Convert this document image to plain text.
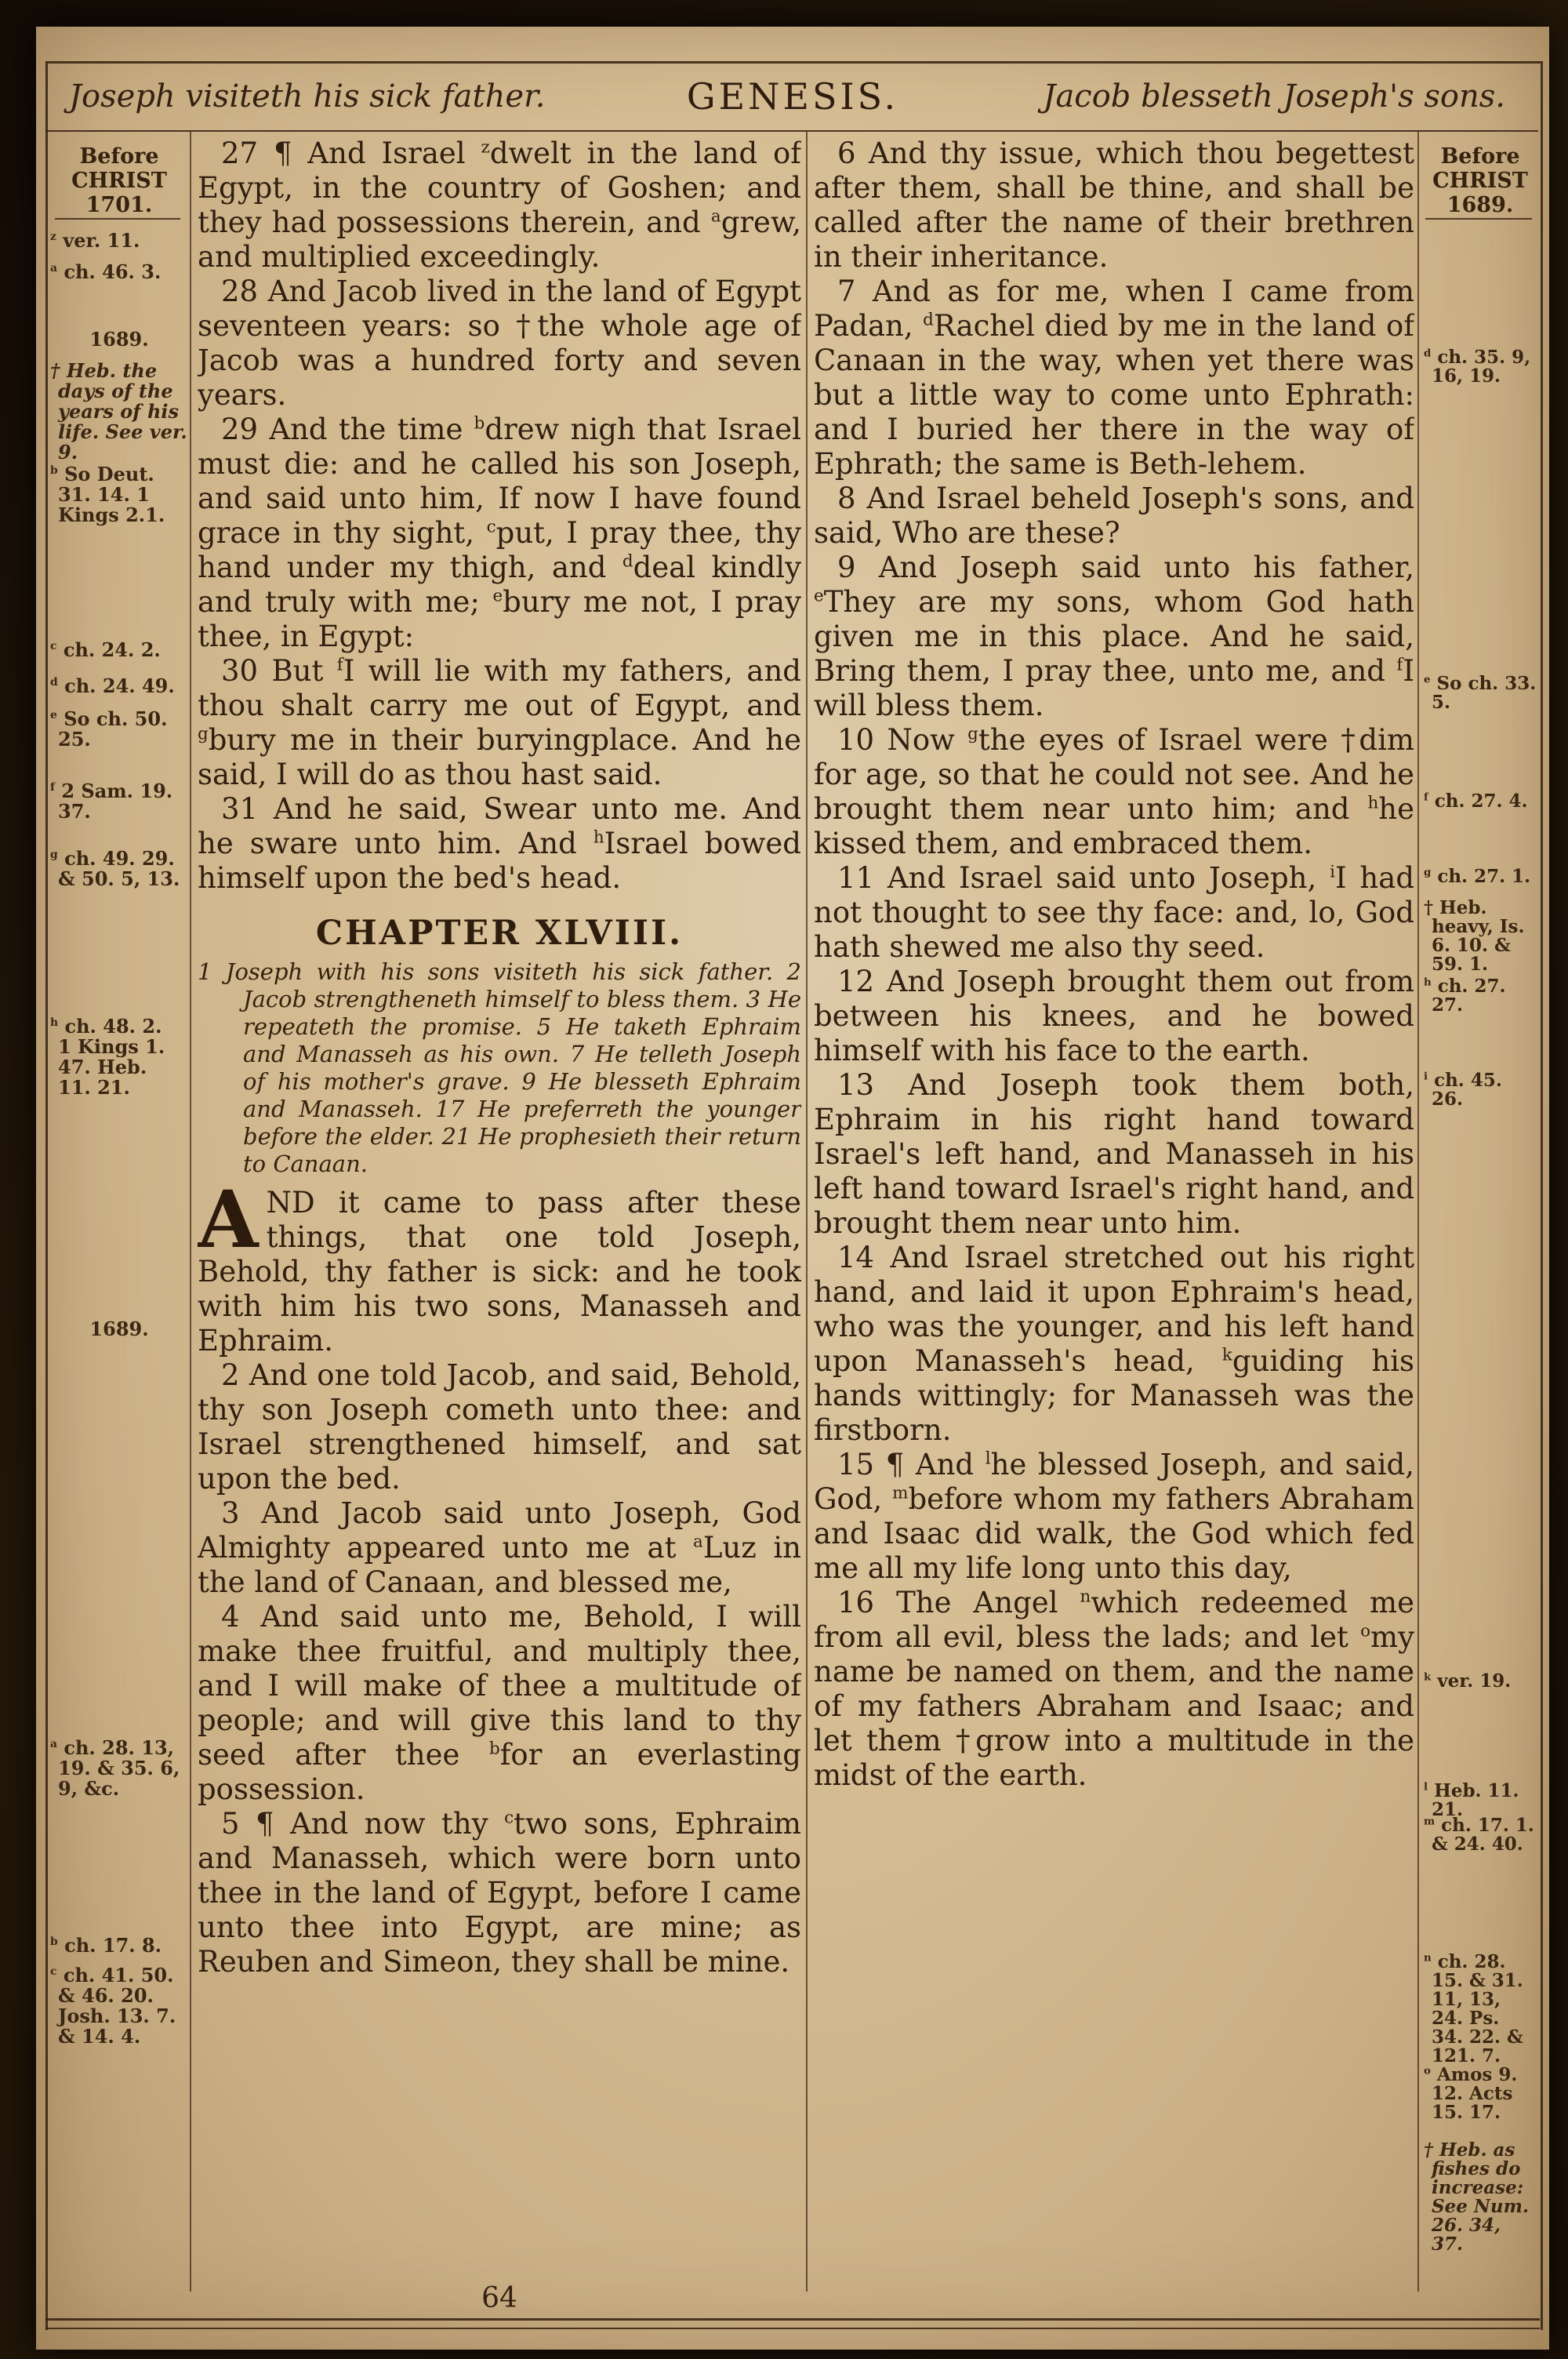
Joseph visiteth his sick father.	GENESIS.	Jacob blesseth Joseph's sons.
Before
CHRIST
1701.
$^z$ ver. 11.
$^a$ ch. 46. 3.
1689.
† Heb. the days of the years of his life. See ver. 9.
$^b$ So Deut. 31. 14. 1 Kings 2.1.
$^c$ ch. 24. 2.
$^d$ ch. 24. 49.
$^e$ So ch. 50. 25.
$^f$ 2 Sam. 19. 37.
$^g$ ch. 49. 29. & 50. 5, 13.
$^h$ ch. 48. 2. 1 Kings 1. 47. Heb. 11. 21.
1689.
$^a$ ch. 28. 13, 19. & 35. 6, 9, &c.
$^b$ ch. 17. 8.
$^c$ ch. 41. 50. & 46. 20. Josh. 13. 7. & 14. 4.
Before
CHRIST
1689.
$^d$ ch. 35. 9, 16, 19.
$^e$ So ch. 33. 5.
$^f$ ch. 27. 4.
$^g$ ch. 27. 1.
† Heb. heavy, Is. 6. 10. & 59. 1.
$^h$ ch. 27. 27.
$^i$ ch. 45. 26.
$^k$ ver. 19.
$^l$ Heb. 11. 21.
$^m$ ch. 17. 1. & 24. 40.
$^n$ ch. 28. 15. & 31. 11, 13, 24. Ps. 34. 22. & 121. 7.
$^o$ Amos 9. 12. Acts 15. 17.
† Heb. as fishes do increase: See Num. 26. 34, 37.

27 ¶ And Israel $^z$dwelt in the land of Egypt, in the country of Goshen; and they had possessions therein, and $^a$grew, and multiplied exceedingly.

28 And Jacob lived in the land of Egypt seventeen years: so †the whole age of Jacob was a hundred forty and seven years.

29 And the time $^b$drew nigh that Israel must die: and he called his son Joseph, and said unto him, If now I have found grace in thy sight, $^c$put, I pray thee, thy hand under my thigh, and $^d$deal kindly and truly with me; $^e$bury me not, I pray thee, in Egypt:

30 But $^f$I will lie with my fathers, and thou shalt carry me out of Egypt, and $^g$bury me in their buryingplace. And he said, I will do as thou hast said.

31 And he said, Swear unto me. And he sware unto him. And $^h$Israel bowed himself upon the bed's head.

CHAPTER XLVIII.

1 Joseph with his sons visiteth his sick father. 2 Jacob strengtheneth himself to bless them. 3 He repeateth the promise. 5 He taketh Ephraim and Manasseh as his own. 7 He telleth Joseph of his mother's grave. 9 He blesseth Ephraim and Manasseh. 17 He preferreth the younger before the elder. 21 He prophesieth their return to Canaan.

AND it came to pass after these things, that one told Joseph, Behold, thy father is sick: and he took with him his two sons, Manasseh and Ephraim.

2 And one told Jacob, and said, Behold, thy son Joseph cometh unto thee: and Israel strengthened himself, and sat upon the bed.

3 And Jacob said unto Joseph, God Almighty appeared unto me at $^a$Luz in the land of Canaan, and blessed me,

4 And said unto me, Behold, I will make thee fruitful, and multiply thee, and I will make of thee a multitude of people; and will give this land to thy seed after thee $^b$for an everlasting possession.

5 ¶ And now thy $^c$two sons, Ephraim and Manasseh, which were born unto thee in the land of Egypt, before I came unto thee into Egypt, are mine; as Reuben and Simeon, they shall be mine.

6 And thy issue, which thou begettest after them, shall be thine, and shall be called after the name of their brethren in their inheritance.

7 And as for me, when I came from Padan, $^d$Rachel died by me in the land of Canaan in the way, when yet there was but a little way to come unto Ephrath: and I buried her there in the way of Ephrath; the same is Beth-lehem.

8 And Israel beheld Joseph's sons, and said, Who are these?

9 And Joseph said unto his father, $^e$They are my sons, whom God hath given me in this place. And he said, Bring them, I pray thee, unto me, and $^f$I will bless them.

10 Now $^g$the eyes of Israel were †dim for age, so that he could not see. And he brought them near unto him; and $^h$he kissed them, and embraced them.

11 And Israel said unto Joseph, $^i$I had not thought to see thy face: and, lo, God hath shewed me also thy seed.

12 And Joseph brought them out from between his knees, and he bowed himself with his face to the earth.

13 And Joseph took them both, Ephraim in his right hand toward Israel's left hand, and Manasseh in his left hand toward Israel's right hand, and brought them near unto him.

14 And Israel stretched out his right hand, and laid it upon Ephraim's head, who was the younger, and his left hand upon Manasseh's head, $^k$guiding his hands wittingly; for Manasseh was the firstborn.

15 ¶ And $^l$he blessed Joseph, and said, God, $^m$before whom my fathers Abraham and Isaac did walk, the God which fed me all my life long unto this day,

16 The Angel $^n$which redeemed me from all evil, bless the lads; and let $^o$my name be named on them, and the name of my fathers Abraham and Isaac; and let them †grow into a multitude in the midst of the earth.

64
